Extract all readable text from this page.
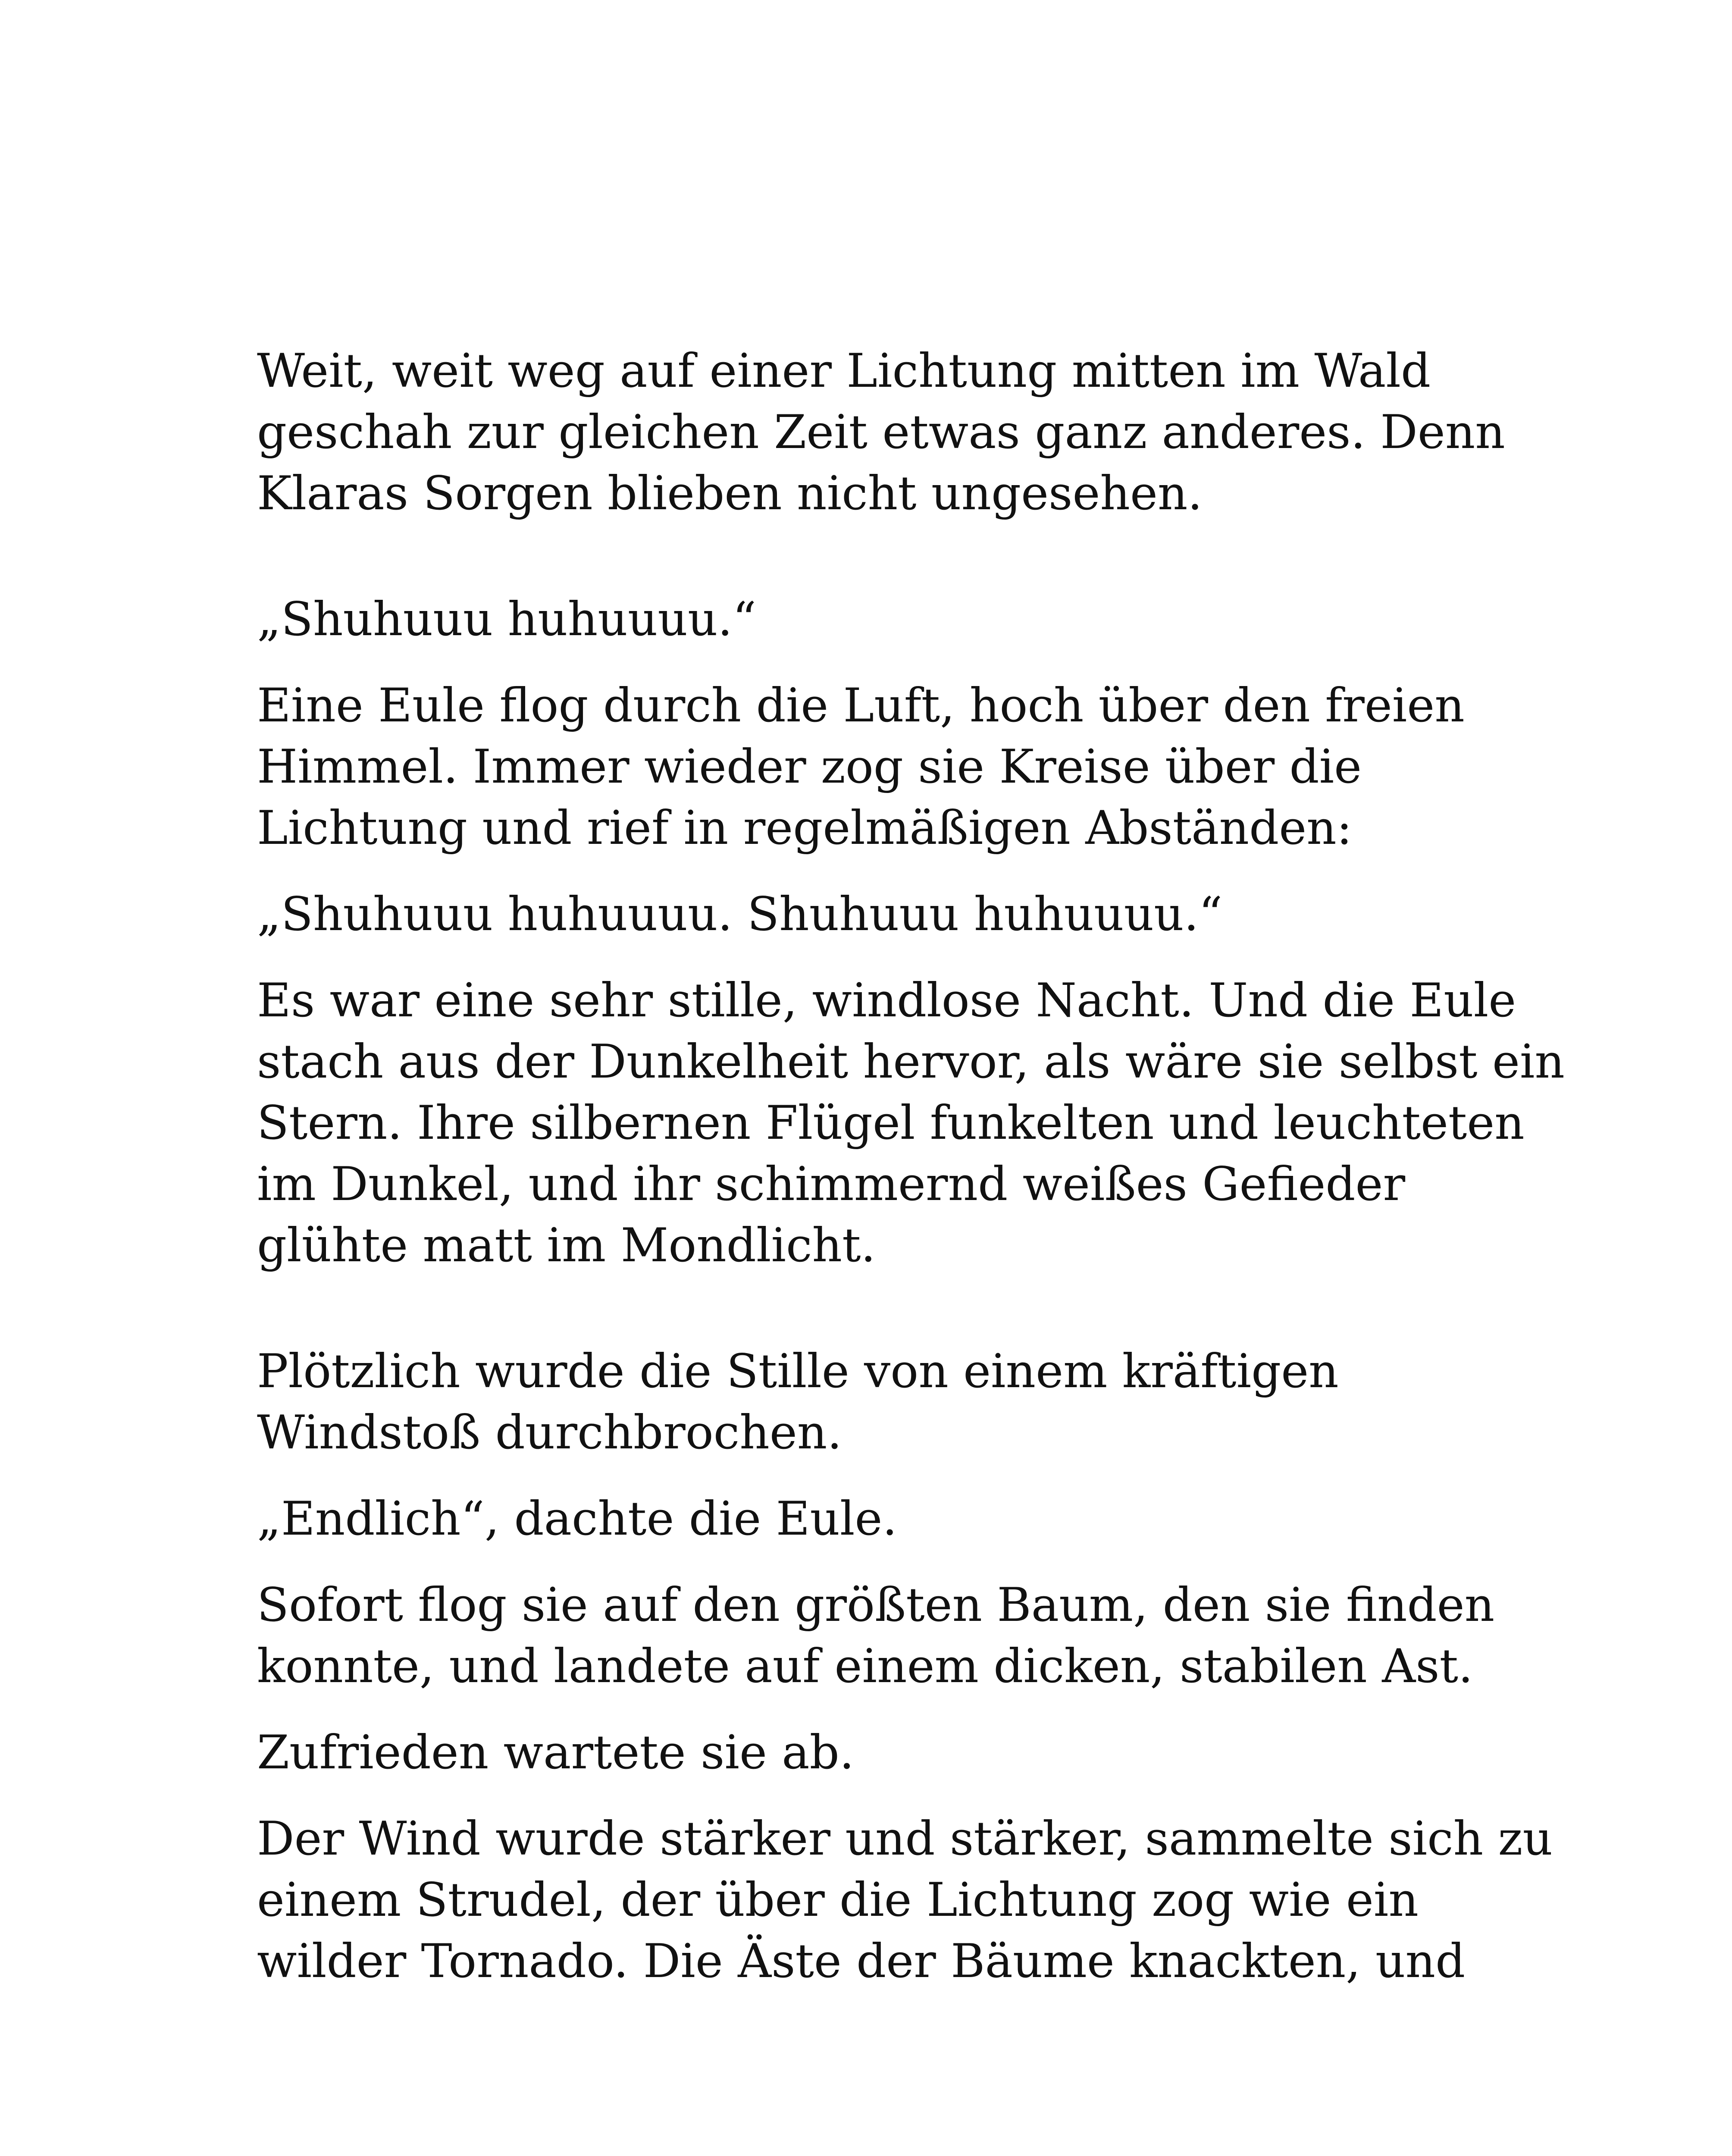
Weit, weit weg auf einer Lichtung mitten im Wald
geschah zur gleichen Zeit etwas ganz anderes. Denn
Klaras Sorgen blieben nicht ungesehen.

„Shuhuuu huhuuuu.“

Eine Eule flog durch die Luft, hoch über den freien
Himmel. Immer wieder zog sie Kreise über die
Lichtung und rief in regelmäßigen Abständen:

„Shuhuuu huhuuuu. Shuhuuu huhuuuu.“

Es war eine sehr stille, windlose Nacht. Und die Eule
stach aus der Dunkelheit hervor, als wäre sie selbst ein
Stern. Ihre silbernen Flügel funkelten und leuchteten
im Dunkel, und ihr schimmernd weißes Gefieder
glühte matt im Mondlicht.

Plötzlich wurde die Stille von einem kräftigen
Windstoß durchbrochen.

„Endlich“, dachte die Eule.

Sofort flog sie auf den größten Baum, den sie finden
konnte, und landete auf einem dicken, stabilen Ast.

Zufrieden wartete sie ab.

Der Wind wurde stärker und stärker, sammelte sich zu
einem Strudel, der über die Lichtung zog wie ein
wilder Tornado. Die Äste der Bäume knackten, und
